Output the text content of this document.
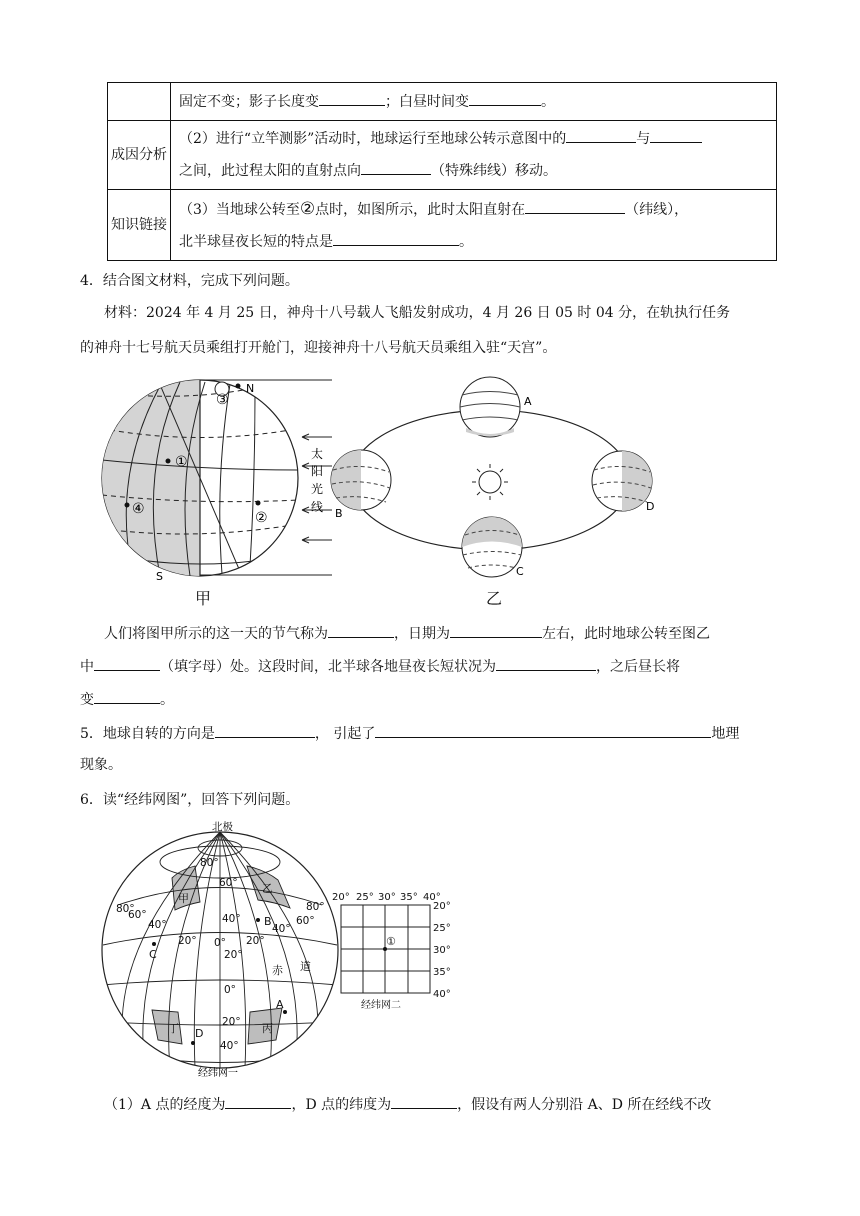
	固定不变；影子长度变 ；白昼时间变 。
成因分析	（2）进行“立竿测影”活动时，地球运行至地球公转示意图中的 与
之间，此过程太阳的直射点向 （特殊纬线）移动。

知识链接	（3）当地球公转至②点时，如图所示，此时太阳直射在 （纬线），
北半球昼夜长短的特点是 。
4．结合图文材料，完成下列问题。
材料：2024 年 4 月 25 日，神舟十八号载人飞船发射成功，4 月 26 日 05 时 04 分，在轨执行任务
的神舟十七号航天员乘组打开舱门，迎接神舟十八号航天员乘组入驻“天宫”。
③
①
②
④
N
S
太
阳
光
线
甲
A
B
C
D
乙
人们将图甲所示的这一天的节气称为	，日期为	左右，此时地球公转至图乙
中	（填字母）处。这段时间，北半球各地昼夜长短状况为	，之后昼长将
变	。
5．地球自转的方向是	， 引起了	地理
现象。
6．读“经纬网图”，回答下列问题。
北极
80°
60°
40°
20°
0°
20°
40°
80°
60°
40°
20° 0° 20°
40°
60°
80°
甲
乙
丙
丁
赤 道
A
B
C
D
经纬网一
20° 25° 30° 35° 40°
20°
25°
30°
35°
40°
①
经纬网二
（1）A 点的经度为	，D 点的纬度为	，假设有两人分别沿 A、D 所在经线不改
